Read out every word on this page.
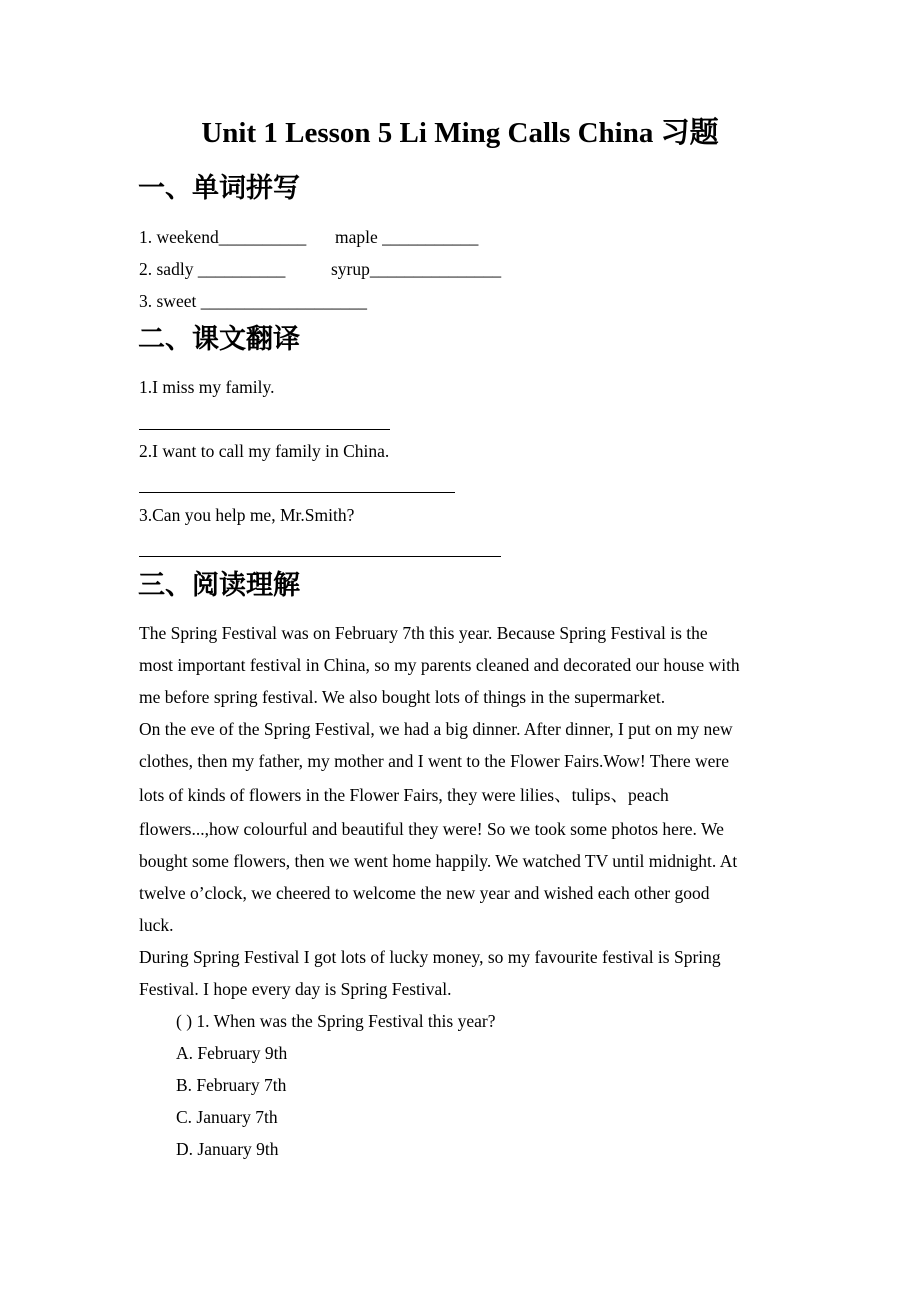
Unit 1 Lesson 5 Li Ming Calls China 习题
一、单词拼写
1. weekend__________ maple ___________
2. sadly __________	syrup_______________
3. sweet ___________________
二、课文翻译
1.I miss my family.
2.I want to call my family in China.
3.Can you help me, Mr.Smith?
三、阅读理解
The Spring Festival was on February 7th this year. Because Spring Festival is the
most important festival in China, so my parents cleaned and decorated our house with
me before spring festival. We also bought lots of things in the supermarket.
On the eve of the Spring Festival, we had a big dinner. After dinner, I put on my new
clothes, then my father, my mother and I went to the Flower Fairs.Wow! There were
lots of kinds of flowers in the Flower Fairs, they were lilies、tulips、peach
flowers...,how colourful and beautiful they were! So we took some photos here. We
bought some flowers, then we went home happily. We watched TV until midnight. At
twelve o’clock, we cheered to welcome the new year and wished each other good
luck.
During Spring Festival I got lots of lucky money, so my favourite festival is Spring
Festival. I hope every day is Spring Festival.
( ) 1. When was the Spring Festival this year?
A. February 9th
B. February 7th
C. January 7th
D. January 9th
